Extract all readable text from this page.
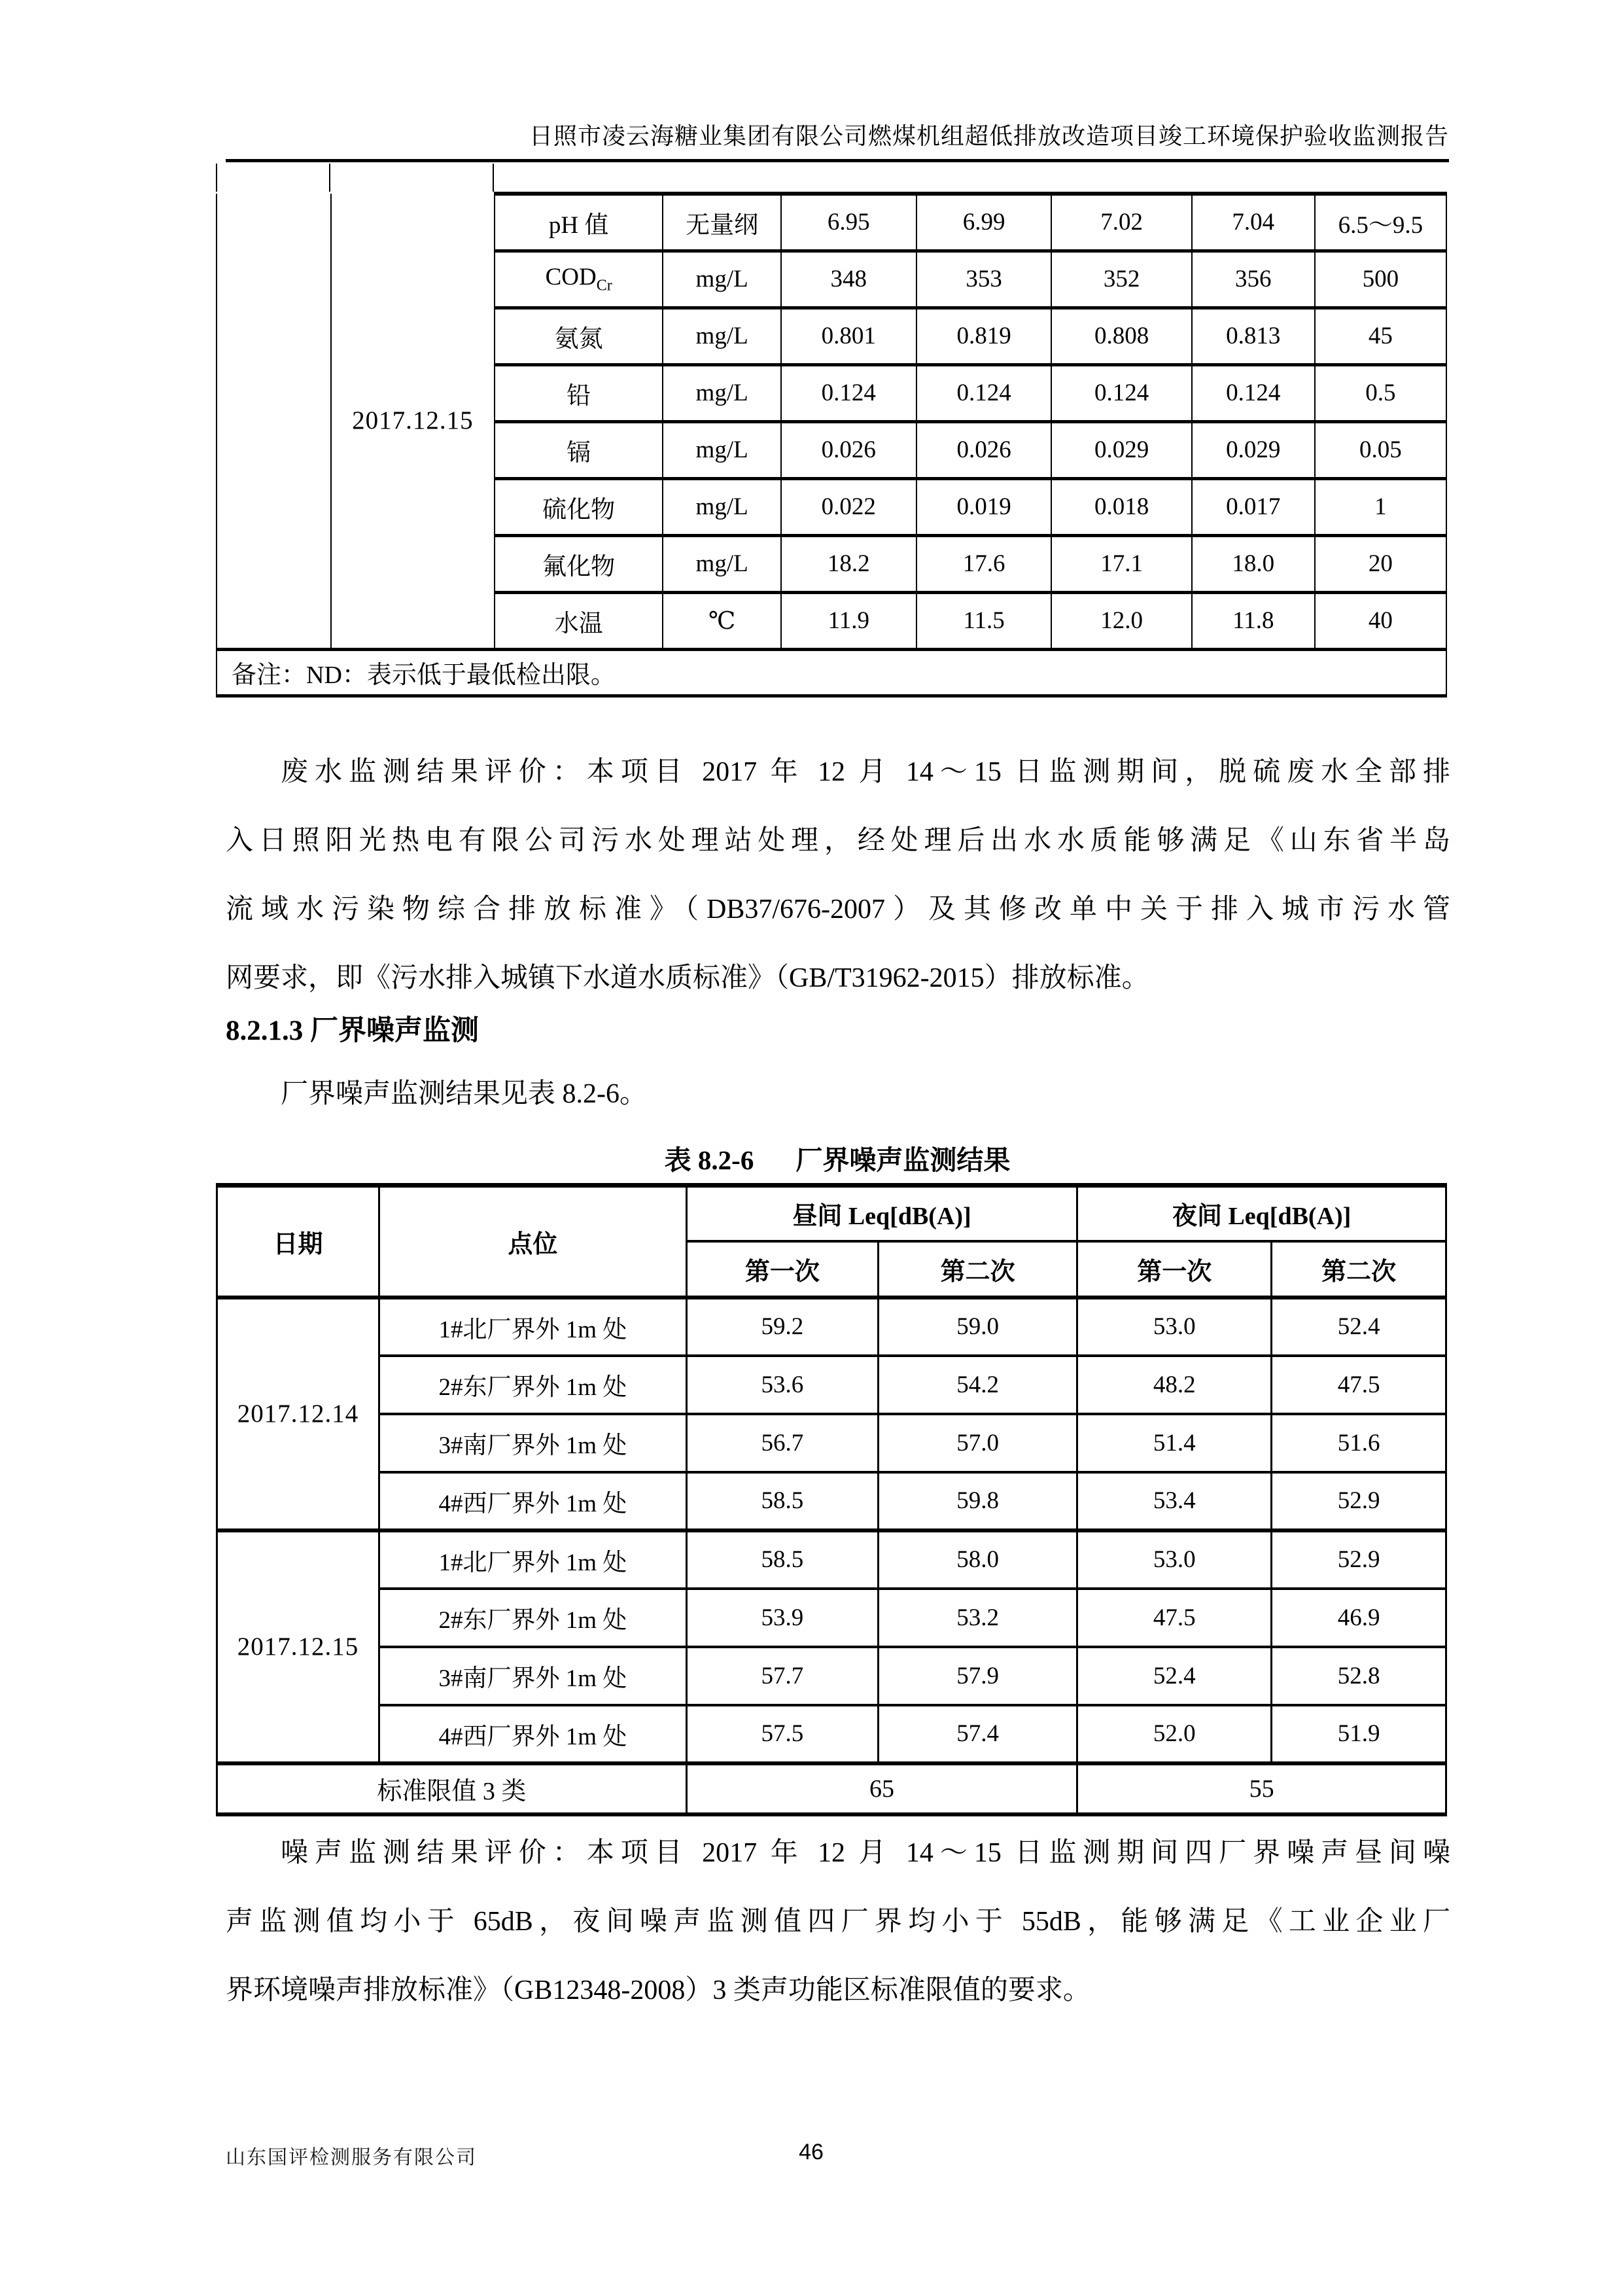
日照市凌云海糖业集团有限公司燃煤机组超低排放改造项目竣工环境保护验收监测报告
	2017.12.15	pH 值	无量纲	6.95	6.99	7.02	7.04	6.5～9.5
		$COD_{Cr}$	mg/L	348	353	352	356	500
		氨氮	mg/L	0.801	0.819	0.808	0.813	45
		铅	mg/L	0.124	0.124	0.124	0.124	0.5
		镉	mg/L	0.026	0.026	0.029	0.029	0.05
		硫化物	mg/L	0.022	0.019	0.018	0.017	1
		氟化物	mg/L	18.2	17.6	17.1	18.0	20
		水温	℃	11.9	11.5	12.0	11.8	40
备注：ND：表示低于最低检出限。								
废水监测结果评价：本项目 2017 年 12 月 14～15 日监测期间，脱硫废水全部排
入日照阳光热电有限公司污水处理站处理，经处理后出水水质能够满足《山东省半岛
流域水污染物综合排放标准》（DB37/676-2007）及其修改单中关于排入城市污水管
网要求，即《污水排入城镇下水道水质标准》（GB/T31962-2015）排放标准。
8.2.1.3 厂界噪声监测
厂界噪声监测结果见表 8.2-6。
表 8.2-6 厂界噪声监测结果
日期	点位	昼间 Leq[dB(A)]		夜间 Leq[dB(A)]	
		第一次	第二次	第一次	第二次
2017.12.14	1#北厂界外 1m 处	59.2	59.0	53.0	52.4
	2#东厂界外 1m 处	53.6	54.2	48.2	47.5
	3#南厂界外 1m 处	56.7	57.0	51.4	51.6
	4#西厂界外 1m 处	58.5	59.8	53.4	52.9
2017.12.15	1#北厂界外 1m 处	58.5	58.0	53.0	52.9
	2#东厂界外 1m 处	53.9	53.2	47.5	46.9
	3#南厂界外 1m 处	57.7	57.9	52.4	52.8
	4#西厂界外 1m 处	57.5	57.4	52.0	51.9
标准限值 3 类		65		55	
噪声监测结果评价：本项目 2017 年 12 月 14～15 日监测期间四厂界噪声昼间噪
声监测值均小于 65dB，夜间噪声监测值四厂界均小于 55dB，能够满足《工业企业厂
界环境噪声排放标准》（GB12348-2008）3 类声功能区标准限值的要求。
山东国评检测服务有限公司	46
